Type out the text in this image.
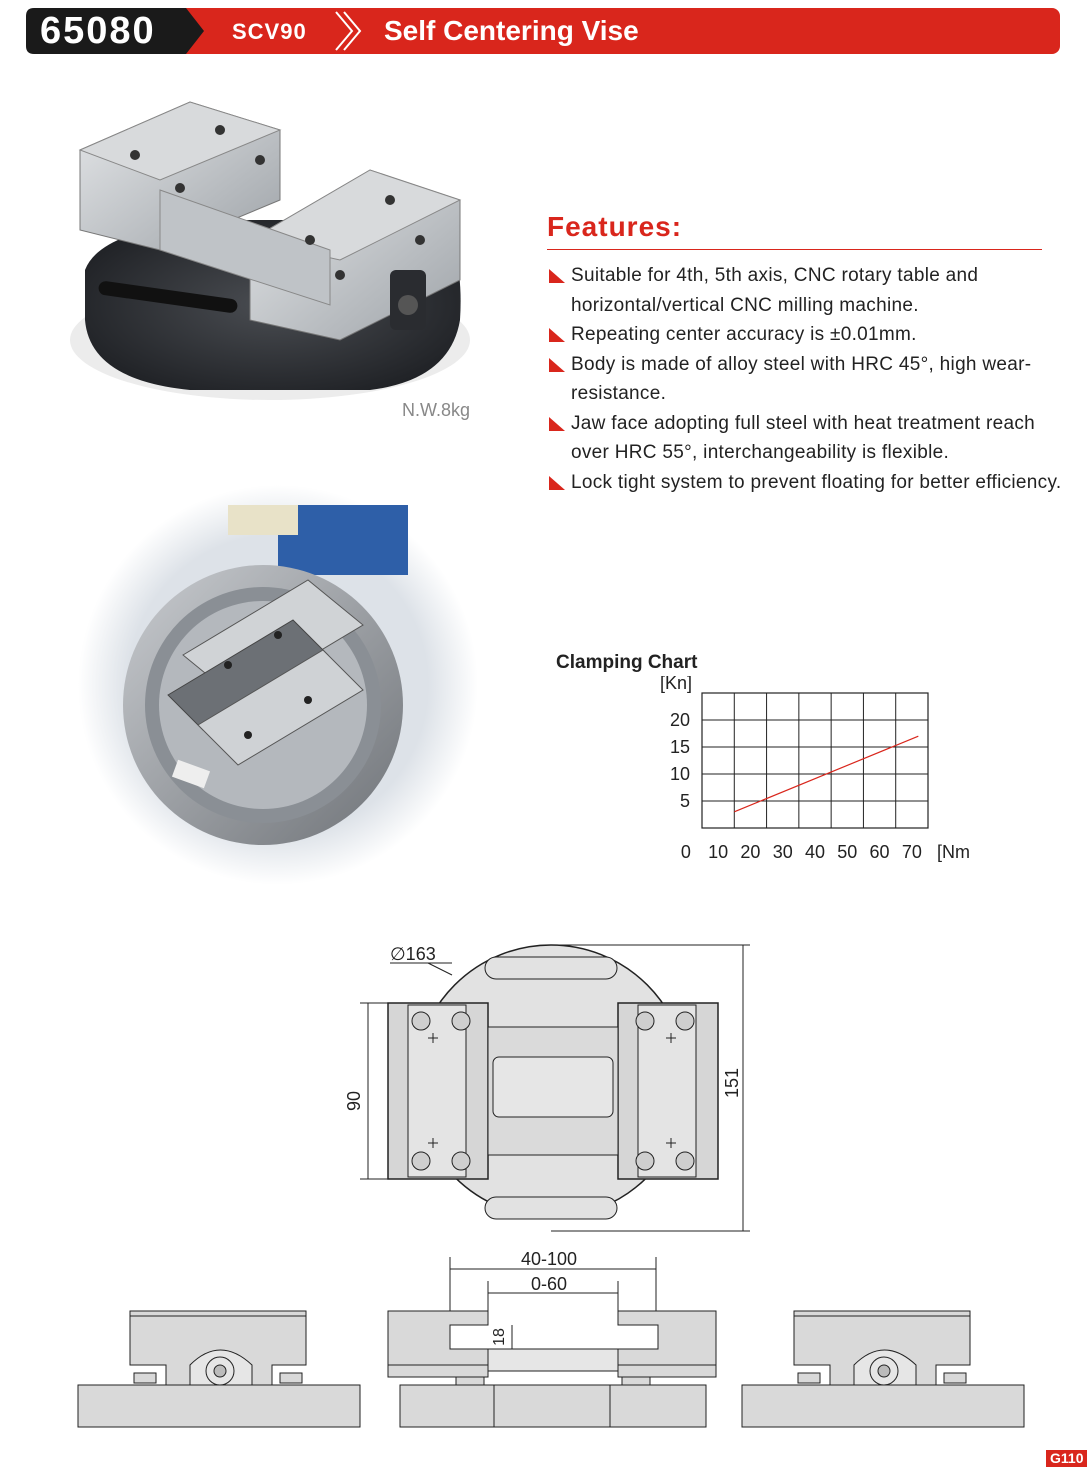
65080	SCV90	Self Centering Vise
N.W.8kg
Features:
Suitable for 4th, 5th axis, CNC rotary table and horizontal/vertical CNC milling machine.
Repeating center accuracy is ±0.01mm.
Body is made of alloy steel with HRC 45°, high wear-resistance.
Jaw face adopting full steel with heat treatment reach over HRC 55°, interchangeability is flexible.
Lock tight system to prevent floating for better efficiency.
Clamping Chart
[Kn]
5
10
15
20
0 10 20 30 40 50 60 70 [Nm
∅163
90
151
40-100
0-60
18
G110
